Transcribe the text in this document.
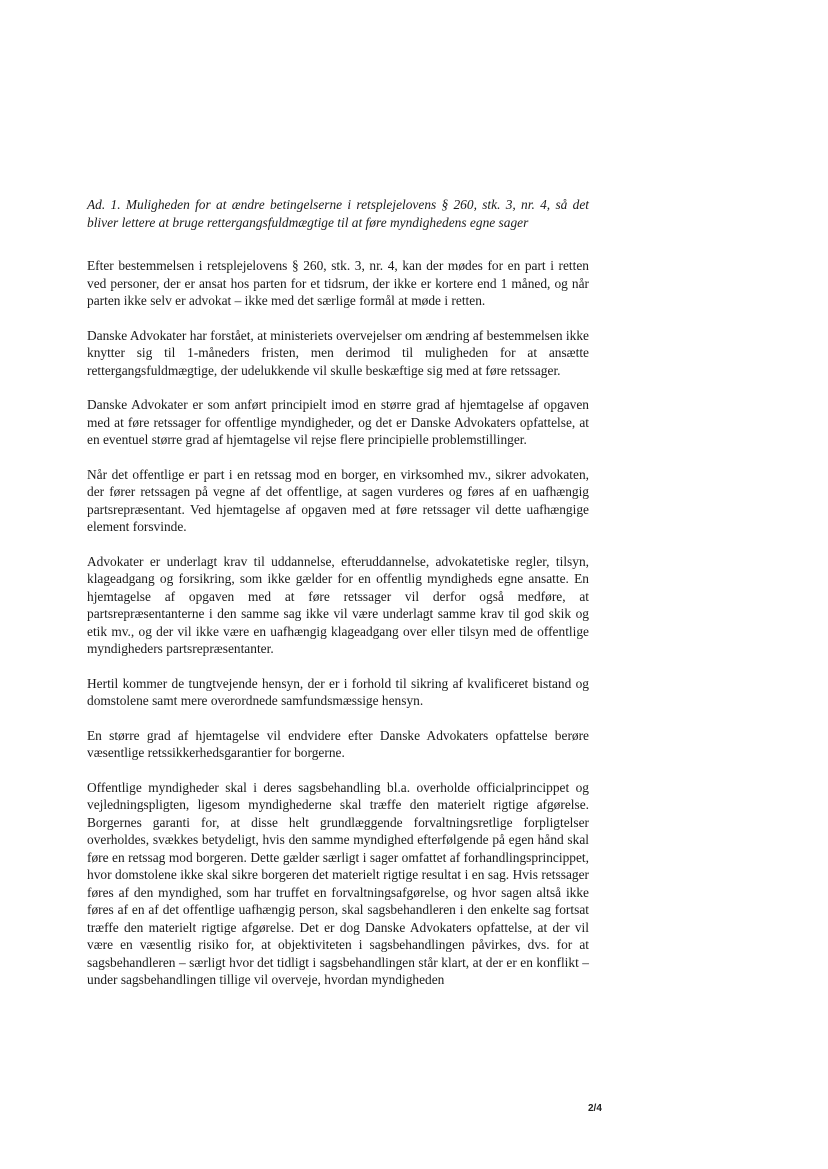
Ad. 1. Muligheden for at ændre betingelserne i retsplejelovens § 260, stk. 3, nr. 4, så det bliver lettere at bruge rettergangsfuldmægtige til at føre myndighedens egne sager

Efter bestemmelsen i retsplejelovens § 260, stk. 3, nr. 4, kan der mødes for en part i retten ved personer, der er ansat hos parten for et tidsrum, der ikke er kortere end 1 måned, og når parten ikke selv er advokat – ikke med det særlige formål at møde i retten.

Danske Advokater har forstået, at ministeriets overvejelser om ændring af bestemmelsen ikke knytter sig til 1-måneders fristen, men derimod til muligheden for at ansætte rettergangsfuldmægtige, der udelukkende vil skulle beskæftige sig med at føre retssager.

Danske Advokater er som anført principielt imod en større grad af hjemtagelse af opgaven med at føre retssager for offentlige myndigheder, og det er Danske Advokaters opfattelse, at en eventuel større grad af hjemtagelse vil rejse flere principielle problemstillinger.

Når det offentlige er part i en retssag mod en borger, en virksomhed mv., sikrer advokaten, der fører retssagen på vegne af det offentlige, at sagen vurderes og føres af en uafhængig partsrepræsentant. Ved hjemtagelse af opgaven med at føre retssager vil dette uafhængige element forsvinde.

Advokater er underlagt krav til uddannelse, efteruddannelse, advokatetiske regler, tilsyn, klageadgang og forsikring, som ikke gælder for en offentlig myndigheds egne ansatte. En hjemtagelse af opgaven med at føre retssager vil derfor også medføre, at partsrepræsentanterne i den samme sag ikke vil være underlagt samme krav til god skik og etik mv., og der vil ikke være en uafhængig klageadgang over eller tilsyn med de offentlige myndigheders partsrepræsentanter.

Hertil kommer de tungtvejende hensyn, der er i forhold til sikring af kvalificeret bistand og domstolene samt mere overordnede samfundsmæssige hensyn.

En større grad af hjemtagelse vil endvidere efter Danske Advokaters opfattelse berøre væsentlige retssikkerhedsgarantier for borgerne.

Offentlige myndigheder skal i deres sagsbehandling bl.a. overholde officialprincippet og vejledningspligten, ligesom myndighederne skal træffe den materielt rigtige afgørelse. Borgernes garanti for, at disse helt grundlæggende forvaltningsretlige forpligtelser overholdes, svækkes betydeligt, hvis den samme myndighed efterfølgende på egen hånd skal føre en retssag mod borgeren. Dette gælder særligt i sager omfattet af forhandlingsprincippet, hvor domstolene ikke skal sikre borgeren det materielt rigtige resultat i en sag. Hvis retssager føres af den myndighed, som har truffet en forvaltningsafgørelse, og hvor sagen altså ikke føres af en af det offentlige uafhængig person, skal sagsbehandleren i den enkelte sag fortsat træffe den materielt rigtige afgørelse. Det er dog Danske Advokaters opfattelse, at der vil være en væsentlig risiko for, at objektiviteten i sagsbehandlingen påvirkes, dvs. for at sagsbehandleren – særligt hvor det tidligt i sagsbehandlingen står klart, at der er en konflikt – under sagsbehandlingen tillige vil overveje, hvordan myndigheden

2/4
